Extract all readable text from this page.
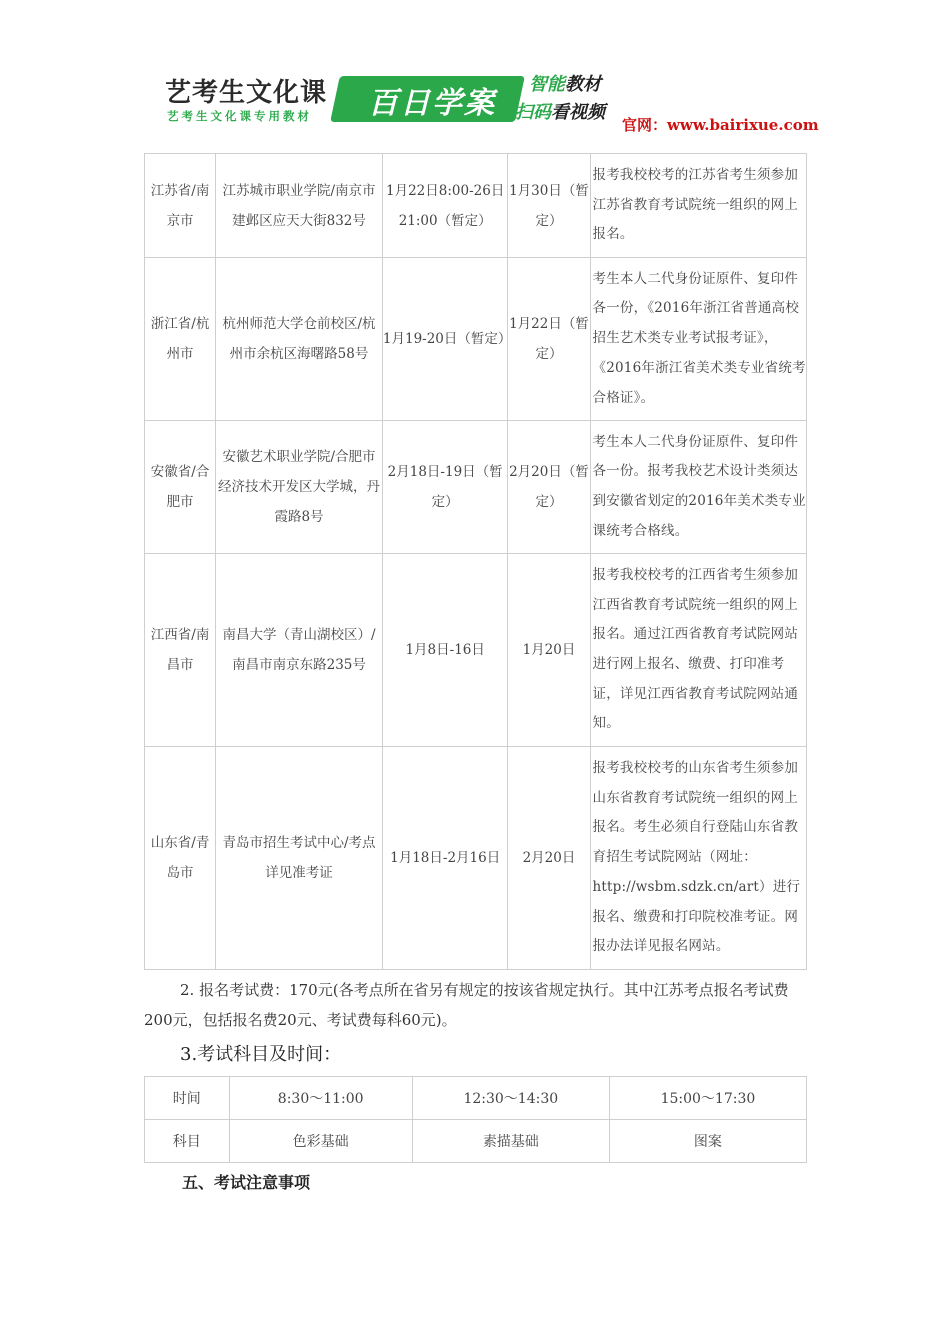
艺考生文化课
艺考生文化课专用教材	百日学案
智能教材
扫码看视频
官网：www.bairixue.com
江苏省/南京市	江苏城市职业学院/南京市建邺区应天大街832号	1月22日8:00-26日21:00（暂定）	1月30日（暂定）	报考我校校考的江苏省考生须参加江苏省教育考试院统一组织的网上报名。
浙江省/杭州市	杭州师范大学仓前校区/杭州市余杭区海曙路58号	1月19-20日（暂定）	1月22日（暂定）	考生本人二代身份证原件、复印件各一份，《2016年浙江省普通高校招生艺术类专业考试报考证》，《2016年浙江省美术类专业省统考合格证》。
安徽省/合肥市	安徽艺术职业学院/合肥市经济技术开发区大学城，丹霞路8号	2月18日-19日（暂定）	2月20日（暂定）	考生本人二代身份证原件、复印件各一份。报考我校艺术设计类须达到安徽省划定的2016年美术类专业课统考合格线。
江西省/南昌市	南昌大学（青山湖校区）/南昌市南京东路235号	1月8日-16日	1月20日	报考我校校考的江西省考生须参加江西省教育考试院统一组织的网上报名。通过江西省教育考试院网站进行网上报名、缴费、打印准考证，详见江西省教育考试院网站通知。
山东省/青岛市	青岛市招生考试中心/考点详见准考证	1月18日-2月16日	2月20日	报考我校校考的山东省考生须参加山东省教育考试院统一组织的网上报名。考生必须自行登陆山东省教育招生考试院网站（网址：http://wsbm.sdzk.cn/art）进行报名、缴费和打印院校准考证。网报办法详见报名网站。
2. 报名考试费：170元(各考点所在省另有规定的按该省规定执行。其中江苏考点报名考试费200元，包括报名费20元、考试费每科60元)。
3.考试科目及时间：
时间	8:30～11:00	12:30～14:30	15:00～17:30
科目	色彩基础	素描基础	图案
五、考试注意事项
